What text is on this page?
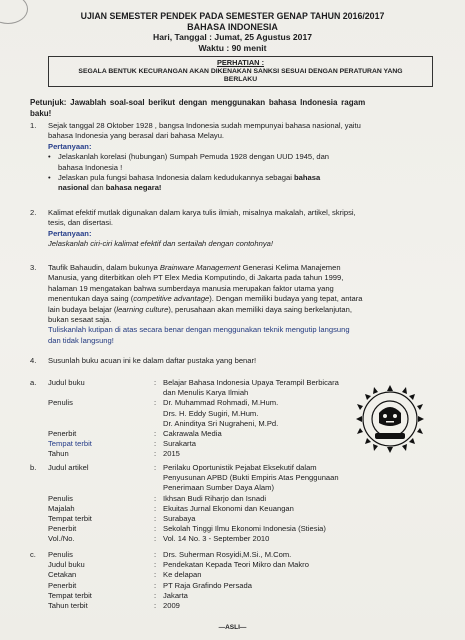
UJIAN SEMESTER PENDEK PADA SEMESTER GENAP TAHUN 2016/2017
BAHASA INDONESIA
Hari, Tanggal : Jumat, 25 Agustus 2017
Waktu : 90 menit
PERHATIAN :
SEGALA BENTUK KECURANGAN AKAN DIKENAKAN SANKSI SESUAI DENGAN PERATURAN YANG
BERLAKU
Petunjuk: Jawablah soal-soal berikut dengan menggunakan bahasa Indonesia ragam
baku!
1.	Sejak tanggal 28 Oktober 1928 , bangsa Indonesia sudah mempunyai bahasa nasional, yaitu
bahasa Indonesia yang berasal dari bahasa Melayu.
Pertanyaan:
• Jelaskanlah korelasi (hubungan) Sumpah Pemuda 1928 dengan UUD 1945, dan
bahasa Indonesia !
• Jelaskan pula fungsi bahasa Indonesia dalam kedudukannya sebagai bahasa
nasional dan bahasa negara!
2.	Kalimat efektif mutlak digunakan dalam karya tulis ilmiah, misalnya makalah, artikel, skripsi,
tesis, dan disertasi.
Pertanyaan:
Jelaskanlah ciri-ciri kalimat efektif dan sertailah dengan contohnya!
3.	Taufik Bahaudin, dalam bukunya Brainware Management Generasi Kelima Manajemen
Manusia, yang diterbitkan oleh PT Elex Media Komputindo, di Jakarta pada tahun 1999,
halaman 19 mengatakan bahwa sumberdaya manusia merupakan faktor utama yang
menentukan daya saing (competitive advantage). Dengan memiliki budaya yang tepat, antara
lain budaya belajar (learning culture), perusahaan akan memiliki daya saing berkelanjutan,
bukan sesaat saja.
Tuliskanlah kutipan di atas secara benar dengan menggunakan teknik mengutip langsung
dan tidak langsung!
4.	Susunlah buku acuan ini ke dalam daftar pustaka yang benar!
a.	Judul buku	: Belajar Bahasa Indonesia Upaya Terampil Berbicara
dan Menulis Karya Ilmiah
Penulis	: Dr. Muhammad Rohmadi, M.Hum.
Drs. H. Eddy Sugiri, M.Hum.
Dr. Aninditya Sri Nugraheni, M.Pd.
Penerbit	: Cakrawala Media
Tempat terbit	: Surakarta
Tahun	: 2015
b.	Judul artikel	: Perilaku Oportunistik Pejabat Eksekutif dalam
Penyusunan APBD (Bukti Empiris Atas Penggunaan
Penerimaan Sumber Daya Alam)
Penulis	: Ikhsan Budi Riharjo dan Isnadi
Majalah	: Ekuitas Jurnal Ekonomi dan Keuangan
Tempat terbit	: Surabaya
Penerbit	: Sekolah Tinggi Ilmu Ekonomi Indonesia (Stiesia)
Vol./No.	: Vol. 14 No. 3 - September 2010
c.	Penulis	: Drs. Suherman Rosyidi,M.Si., M.Com.
Judul buku	: Pendekatan Kepada Teori Mikro dan Makro
Cetakan	: Ke delapan
Penerbit	: PT Raja Grafindo Persada
Tempat terbit	: Jakarta
Tahun terbit	: 2009
—ASLI—
